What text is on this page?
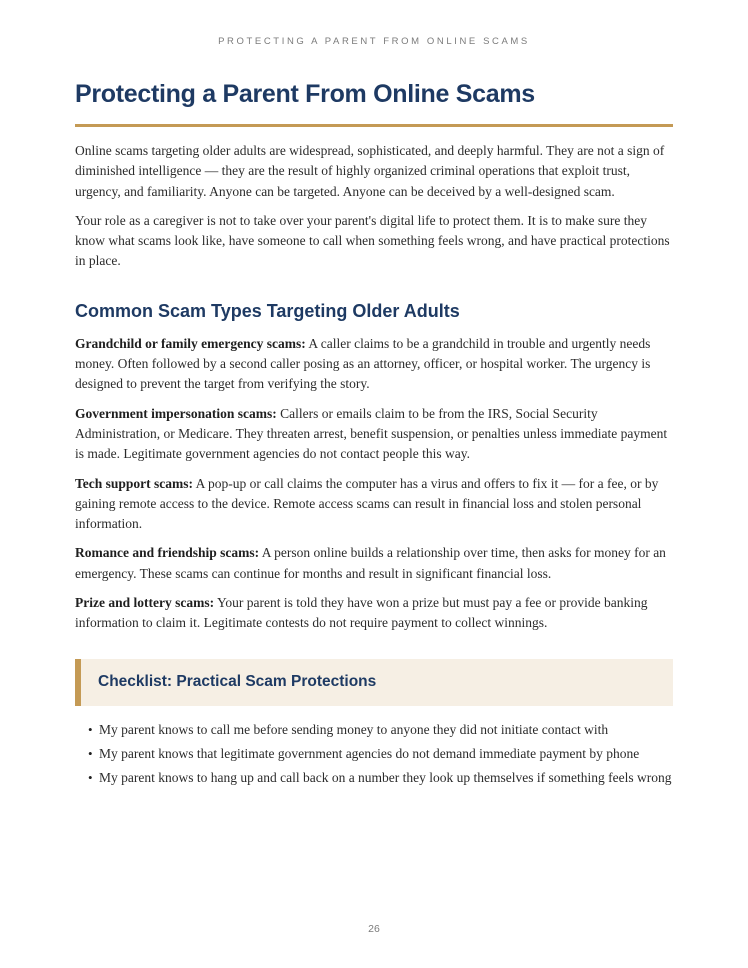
PROTECTING A PARENT FROM ONLINE SCAMS
Protecting a Parent From Online Scams

Online scams targeting older adults are widespread, sophisticated, and deeply harmful. They are not a sign of diminished intelligence — they are the result of highly organized criminal operations that exploit trust, urgency, and familiarity. Anyone can be targeted. Anyone can be deceived by a well-designed scam.

Your role as a caregiver is not to take over your parent's digital life to protect them. It is to make sure they know what scams look like, have someone to call when something feels wrong, and have practical protections in place.

Common Scam Types Targeting Older Adults

Grandchild or family emergency scams: A caller claims to be a grandchild in trouble and urgently needs money. Often followed by a second caller posing as an attorney, officer, or hospital worker. The urgency is designed to prevent the target from verifying the story.

Government impersonation scams: Callers or emails claim to be from the IRS, Social Security Administration, or Medicare. They threaten arrest, benefit suspension, or penalties unless immediate payment is made. Legitimate government agencies do not contact people this way.

Tech support scams: A pop-up or call claims the computer has a virus and offers to fix it — for a fee, or by gaining remote access to the device. Remote access scams can result in financial loss and stolen personal information.

Romance and friendship scams: A person online builds a relationship over time, then asks for money for an emergency. These scams can continue for months and result in significant financial loss.

Prize and lottery scams: Your parent is told they have won a prize but must pay a fee or provide banking information to claim it. Legitimate contests do not require payment to collect winnings.

Checklist: Practical Scam Protections
• My parent knows to call me before sending money to anyone they did not initiate contact with
• My parent knows that legitimate government agencies do not demand immediate payment by phone
• My parent knows to hang up and call back on a number they look up themselves if something feels wrong
26
